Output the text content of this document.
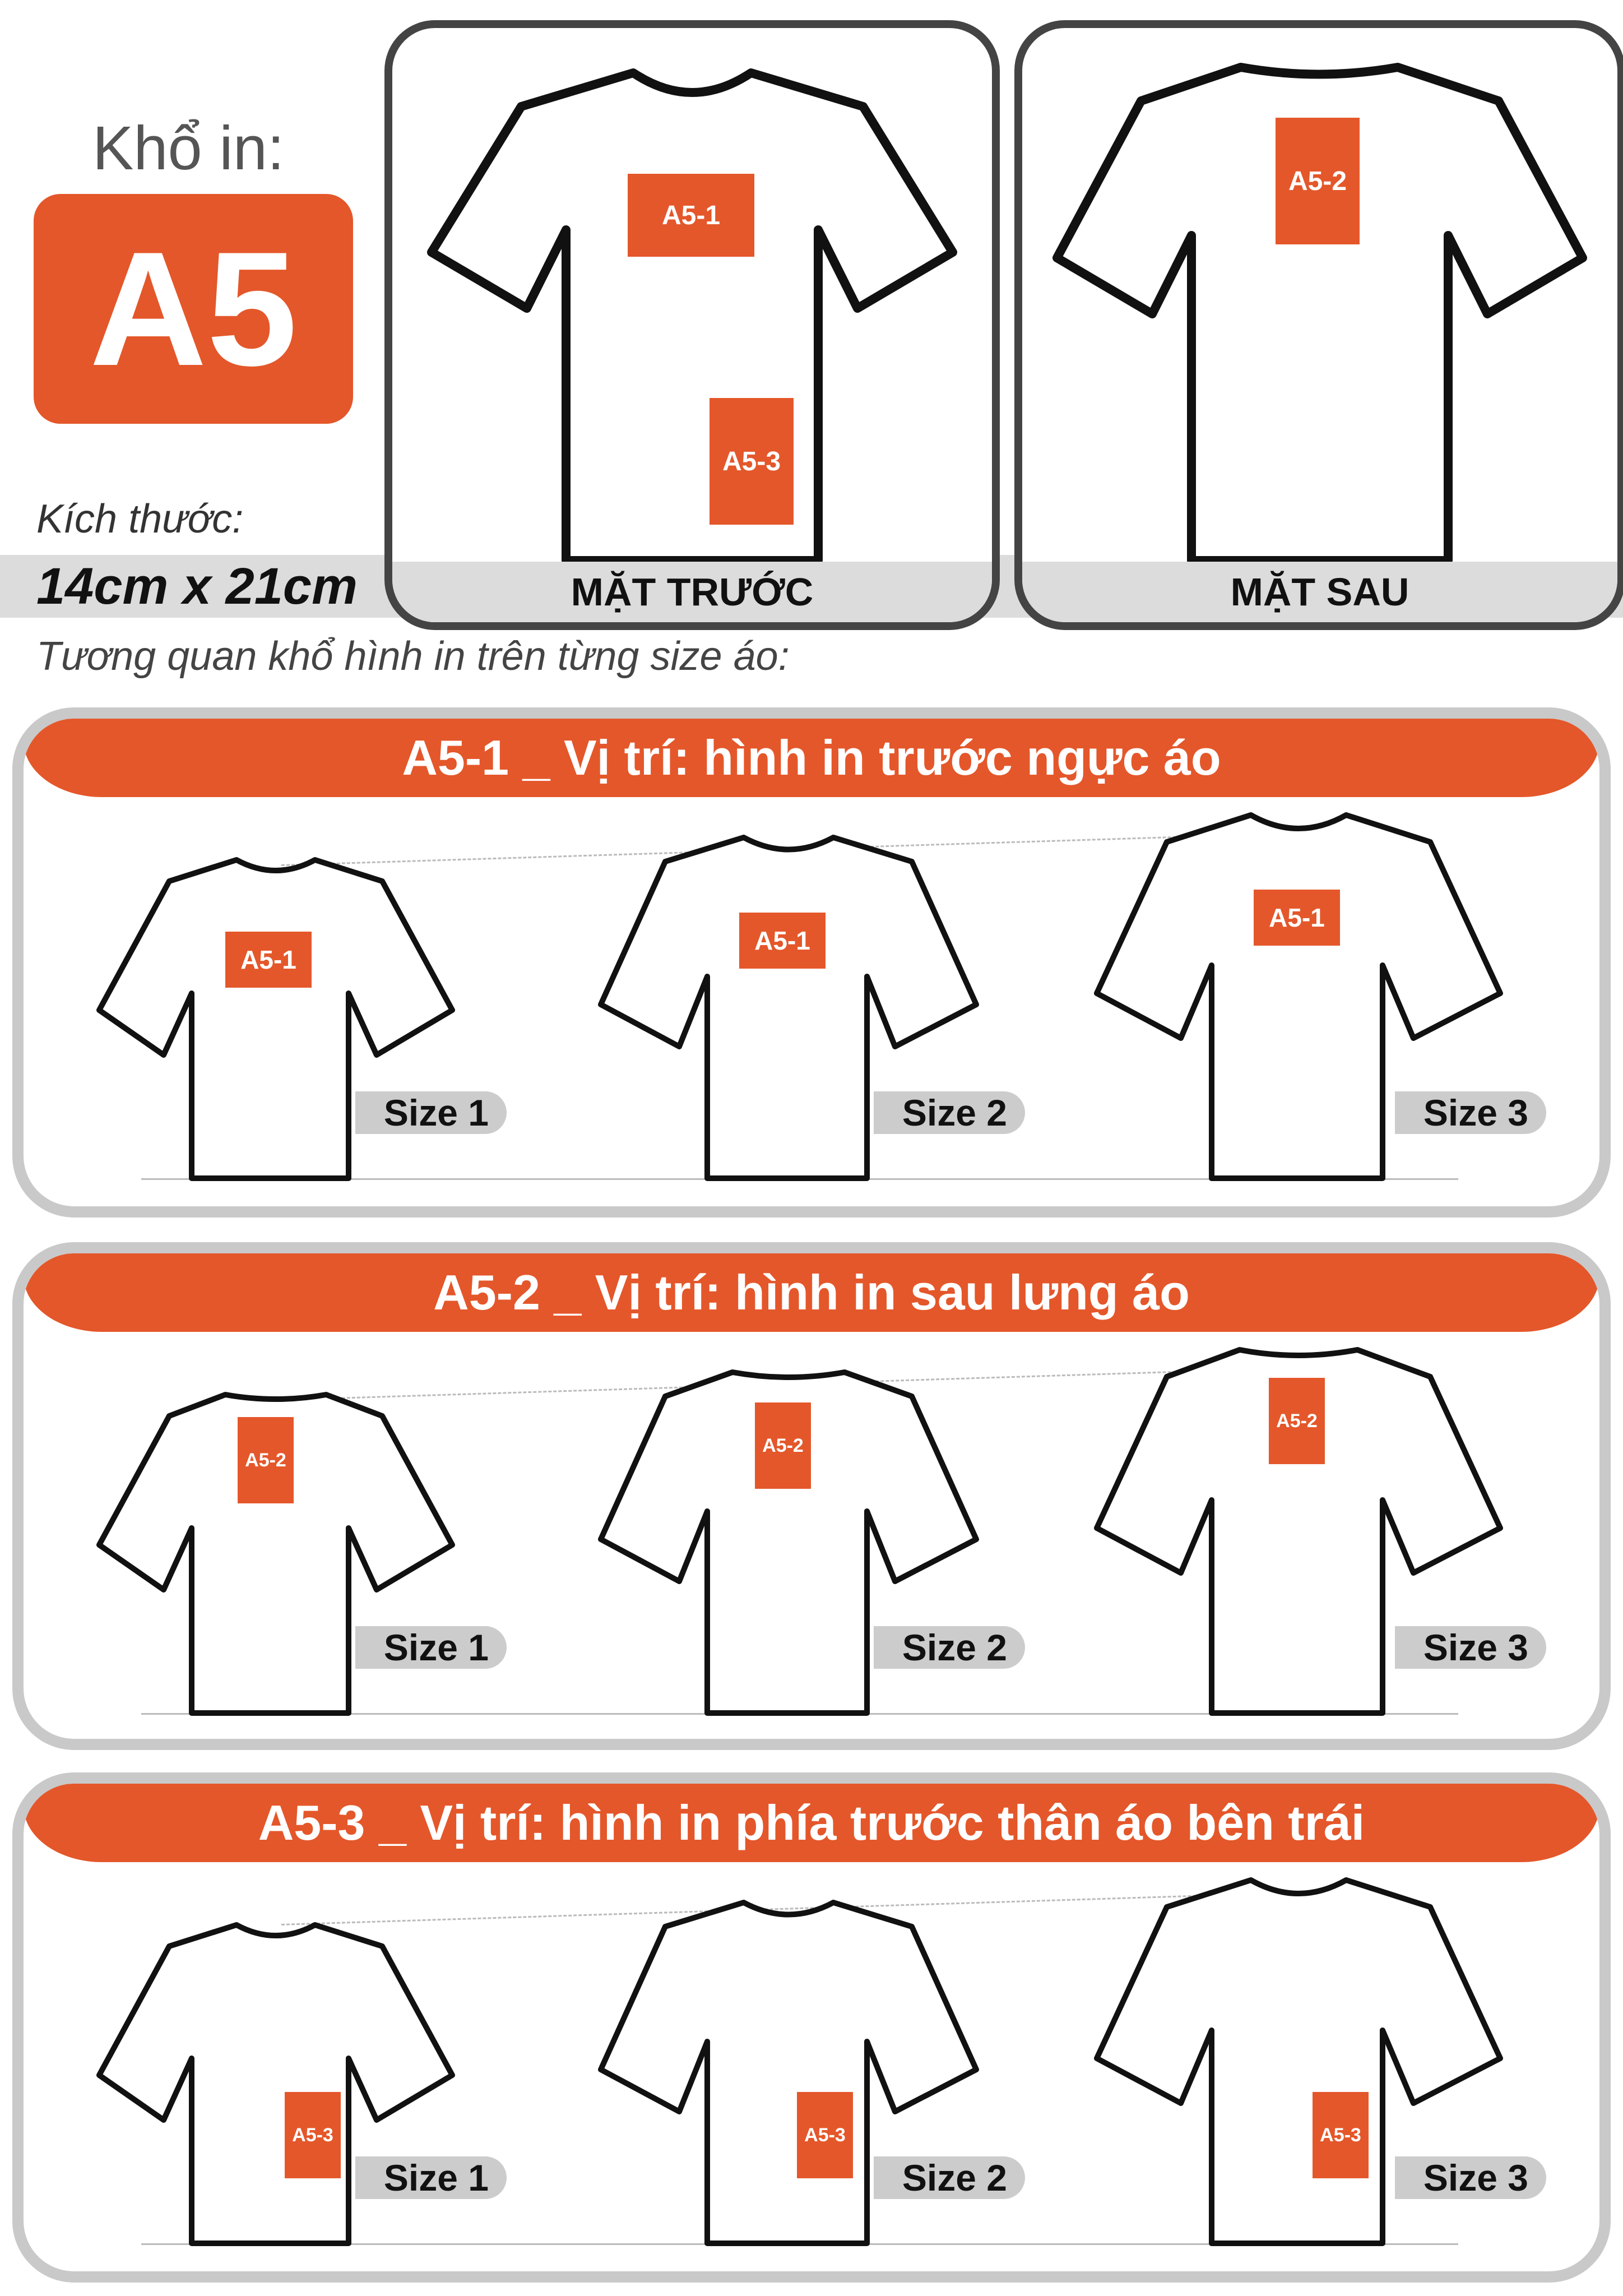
Khổ in:
A5
Kích thước:
14cm x 21cm
A5-1
A5-3
MẶT TRƯỚC
A5-2
MẶT SAU
Tương quan khổ hình in trên từng size áo:
A5-1 _ Vị trí: hình in trước ngực áo
A5-1
Size 1
A5-1
Size 2
A5-1
Size 3
A5-2 _ Vị trí: hình in sau lưng áo
A5-2
Size 1
A5-2
Size 2
A5-2
Size 3
A5-3 _ Vị trí: hình in phía trước thân áo bên trái
A5-3
Size 1
A5-3
Size 2
A5-3
Size 3
